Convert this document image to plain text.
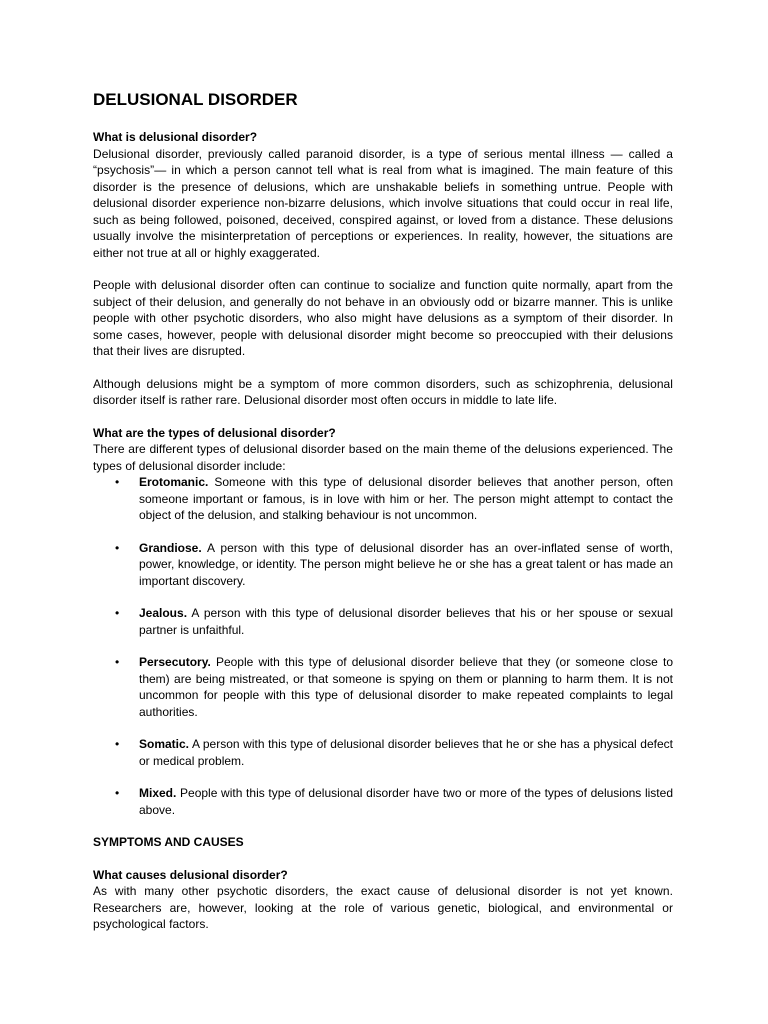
DELUSIONAL DISORDER
What is delusional disorder?

Delusional disorder, previously called paranoid disorder, is a type of serious mental illness — called a “psychosis”— in which a person cannot tell what is real from what is imagined. The main feature of this disorder is the presence of delusions, which are unshakable beliefs in something untrue. People with delusional disorder experience non-bizarre delusions, which involve situations that could occur in real life, such as being followed, poisoned, deceived, conspired against, or loved from a distance. These delusions usually involve the misinterpretation of perceptions or experiences. In reality, however, the situations are either not true at all or highly exaggerated.

People with delusional disorder often can continue to socialize and function quite normally, apart from the subject of their delusion, and generally do not behave in an obviously odd or bizarre manner. This is unlike people with other psychotic disorders, who also might have delusions as a symptom of their disorder. In some cases, however, people with delusional disorder might become so preoccupied with their delusions that their lives are disrupted.

Although delusions might be a symptom of more common disorders, such as schizophrenia, delusional disorder itself is rather rare. Delusional disorder most often occurs in middle to late life.

What are the types of delusional disorder?

There are different types of delusional disorder based on the main theme of the delusions experienced. The types of delusional disorder include:

• Erotomanic. Someone with this type of delusional disorder believes that another person, often someone important or famous, is in love with him or her. The person might attempt to contact the object of the delusion, and stalking behaviour is not uncommon.
• Grandiose. A person with this type of delusional disorder has an over-inflated sense of worth, power, knowledge, or identity. The person might believe he or she has a great talent or has made an important discovery.
• Jealous. A person with this type of delusional disorder believes that his or her spouse or sexual partner is unfaithful.
• Persecutory. People with this type of delusional disorder believe that they (or someone close to them) are being mistreated, or that someone is spying on them or planning to harm them. It is not uncommon for people with this type of delusional disorder to make repeated complaints to legal authorities.
• Somatic. A person with this type of delusional disorder believes that he or she has a physical defect or medical problem.
• Mixed. People with this type of delusional disorder have two or more of the types of delusions listed above.
SYMPTOMS AND CAUSES
What causes delusional disorder?

As with many other psychotic disorders, the exact cause of delusional disorder is not yet known. Researchers are, however, looking at the role of various genetic, biological, and environmental or psychological factors.
